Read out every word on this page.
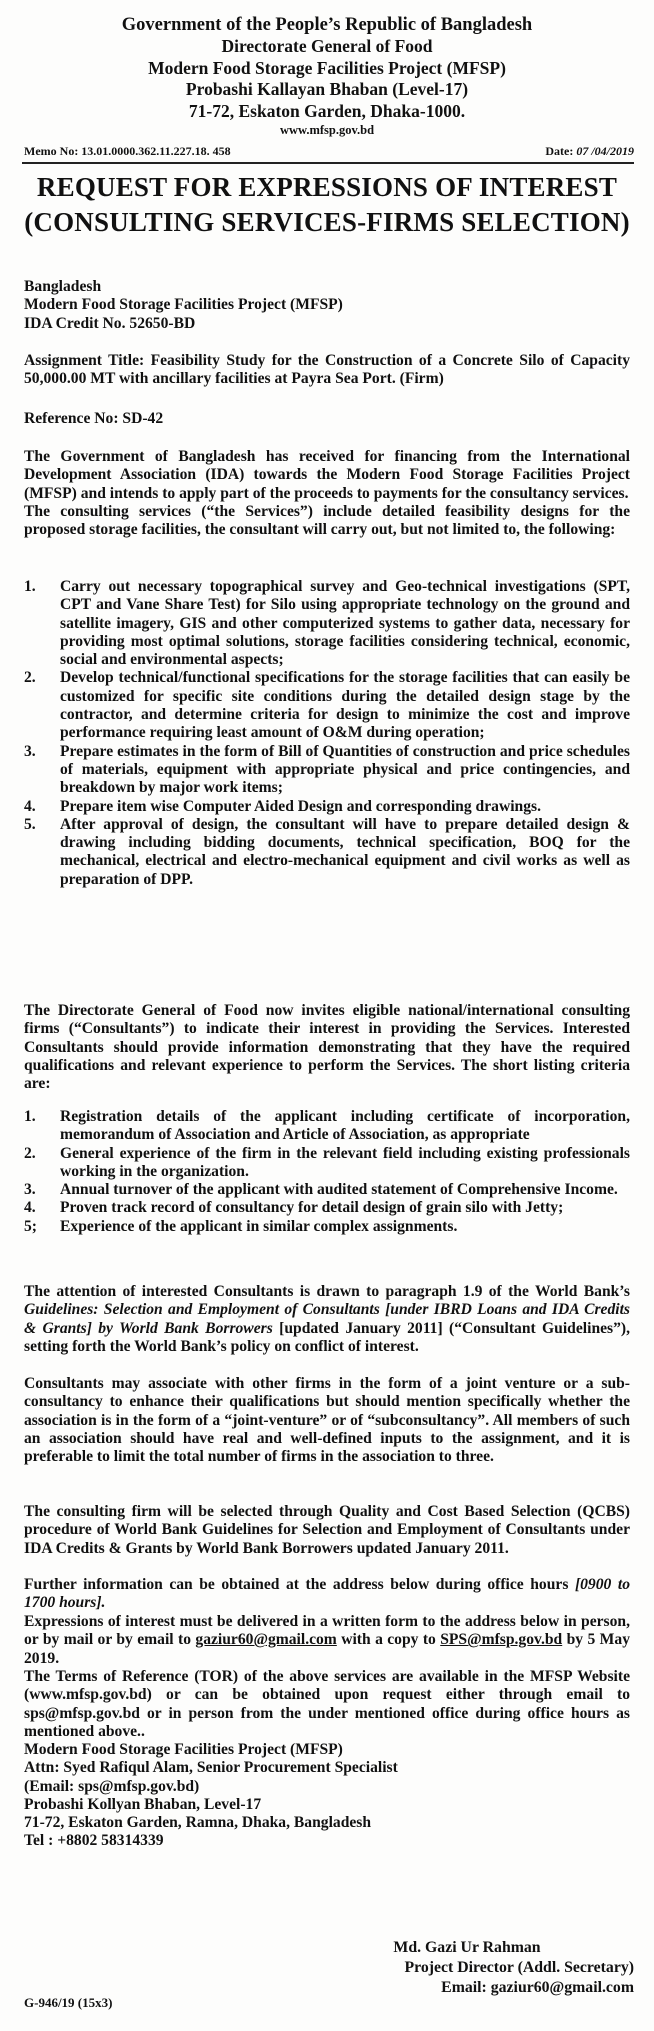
Government of the People’s Republic of Bangladesh
Directorate General of Food
Modern Food Storage Facilities Project (MFSP)
Probashi Kallayan Bhaban (Level-17)
71-72, Eskaton Garden, Dhaka-1000.
www.mfsp.gov.bd
Memo No: 13.01.0000.362.11.227.18. 458	Date: 07 /04/2019
REQUEST FOR EXPRESSIONS OF INTEREST
(CONSULTING SERVICES-FIRMS SELECTION)
Bangladesh
Modern Food Storage Facilities Project (MFSP)
IDA Credit No. 52650-BD
Assignment Title: Feasibility Study for the Construction of a Concrete Silo of Capacity 50,000.00 MT with ancillary facilities at Payra Sea Port. (Firm)
Reference No: SD-42
The Government of Bangladesh has received for financing from the International Development Association (IDA) towards the Modern Food Storage Facilities Project (MFSP) and intends to apply part of the proceeds to payments for the consultancy services.
The consulting services (“the Services”) include detailed feasibility designs for the proposed storage facilities, the consultant will carry out, but not limited to, the following:
1. Carry out necessary topographical survey and Geo-technical investigations (SPT, CPT and Vane Share Test) for Silo using appropriate technology on the ground and satellite imagery, GIS and other computerized systems to gather data, necessary for providing most optimal solutions, storage facilities considering technical, economic, social and environmental aspects;
2. Develop technical/functional specifications for the storage facilities that can easily be customized for specific site conditions during the detailed design stage by the contractor, and determine criteria for design to minimize the cost and improve performance requiring least amount of O&M during operation;
3. Prepare estimates in the form of Bill of Quantities of construction and price schedules of materials, equipment with appropriate physical and price contingencies, and breakdown by major work items;
4. Prepare item wise Computer Aided Design and corresponding drawings.
5. After approval of design, the consultant will have to prepare detailed design & drawing including bidding documents, technical specification, BOQ for the mechanical, electrical and electro-mechanical equipment and civil works as well as preparation of DPP.
The Directorate General of Food now invites eligible national/international consulting firms (“Consultants”) to indicate their interest in providing the Services. Interested Consultants should provide information demonstrating that they have the required qualifications and relevant experience to perform the Services. The short listing criteria are:
1. Registration details of the applicant including certificate of incorporation, memorandum of Association and Article of Association, as appropriate
2. General experience of the firm in the relevant field including existing professionals working in the organization.
3. Annual turnover of the applicant with audited statement of Comprehensive Income.
4. Proven track record of consultancy for detail design of grain silo with Jetty;
5; Experience of the applicant in similar complex assignments.
The attention of interested Consultants is drawn to paragraph 1.9 of the World Bank’s Guidelines: Selection and Employment of Consultants [under IBRD Loans and IDA Credits & Grants] by World Bank Borrowers [updated January 2011] (“Consultant Guidelines”), setting forth the World Bank’s policy on conflict of interest.
Consultants may associate with other firms in the form of a joint venture or a sub-consultancy to enhance their qualifications but should mention specifically whether the association is in the form of a “joint-venture” or of “subconsultancy”. All members of such an association should have real and well-defined inputs to the assignment, and it is preferable to limit the total number of firms in the association to three.
The consulting firm will be selected through Quality and Cost Based Selection (QCBS) procedure of World Bank Guidelines for Selection and Employment of Consultants under IDA Credits & Grants by World Bank Borrowers updated January 2011.
Further information can be obtained at the address below during office hours [0900 to 1700 hours].
Expressions of interest must be delivered in a written form to the address below in person, or by mail or by email to gaziur60@gmail.com with a copy to SPS@mfsp.gov.bd by 5 May 2019.
The Terms of Reference (TOR) of the above services are available in the MFSP Website (www.mfsp.gov.bd) or can be obtained upon request either through email to sps@mfsp.gov.bd or in person from the under mentioned office during office hours as mentioned above..
Modern Food Storage Facilities Project (MFSP)
Attn: Syed Rafiqul Alam, Senior Procurement Specialist
(Email: sps@mfsp.gov.bd)
Probashi Kollyan Bhaban, Level-17
71-72, Eskaton Garden, Ramna, Dhaka, Bangladesh
Tel : +8802 58314339
Md. Gazi Ur Rahman
Project Director (Addl. Secretary)
Email: gaziur60@gmail.com
G-946/19 (15x3)
